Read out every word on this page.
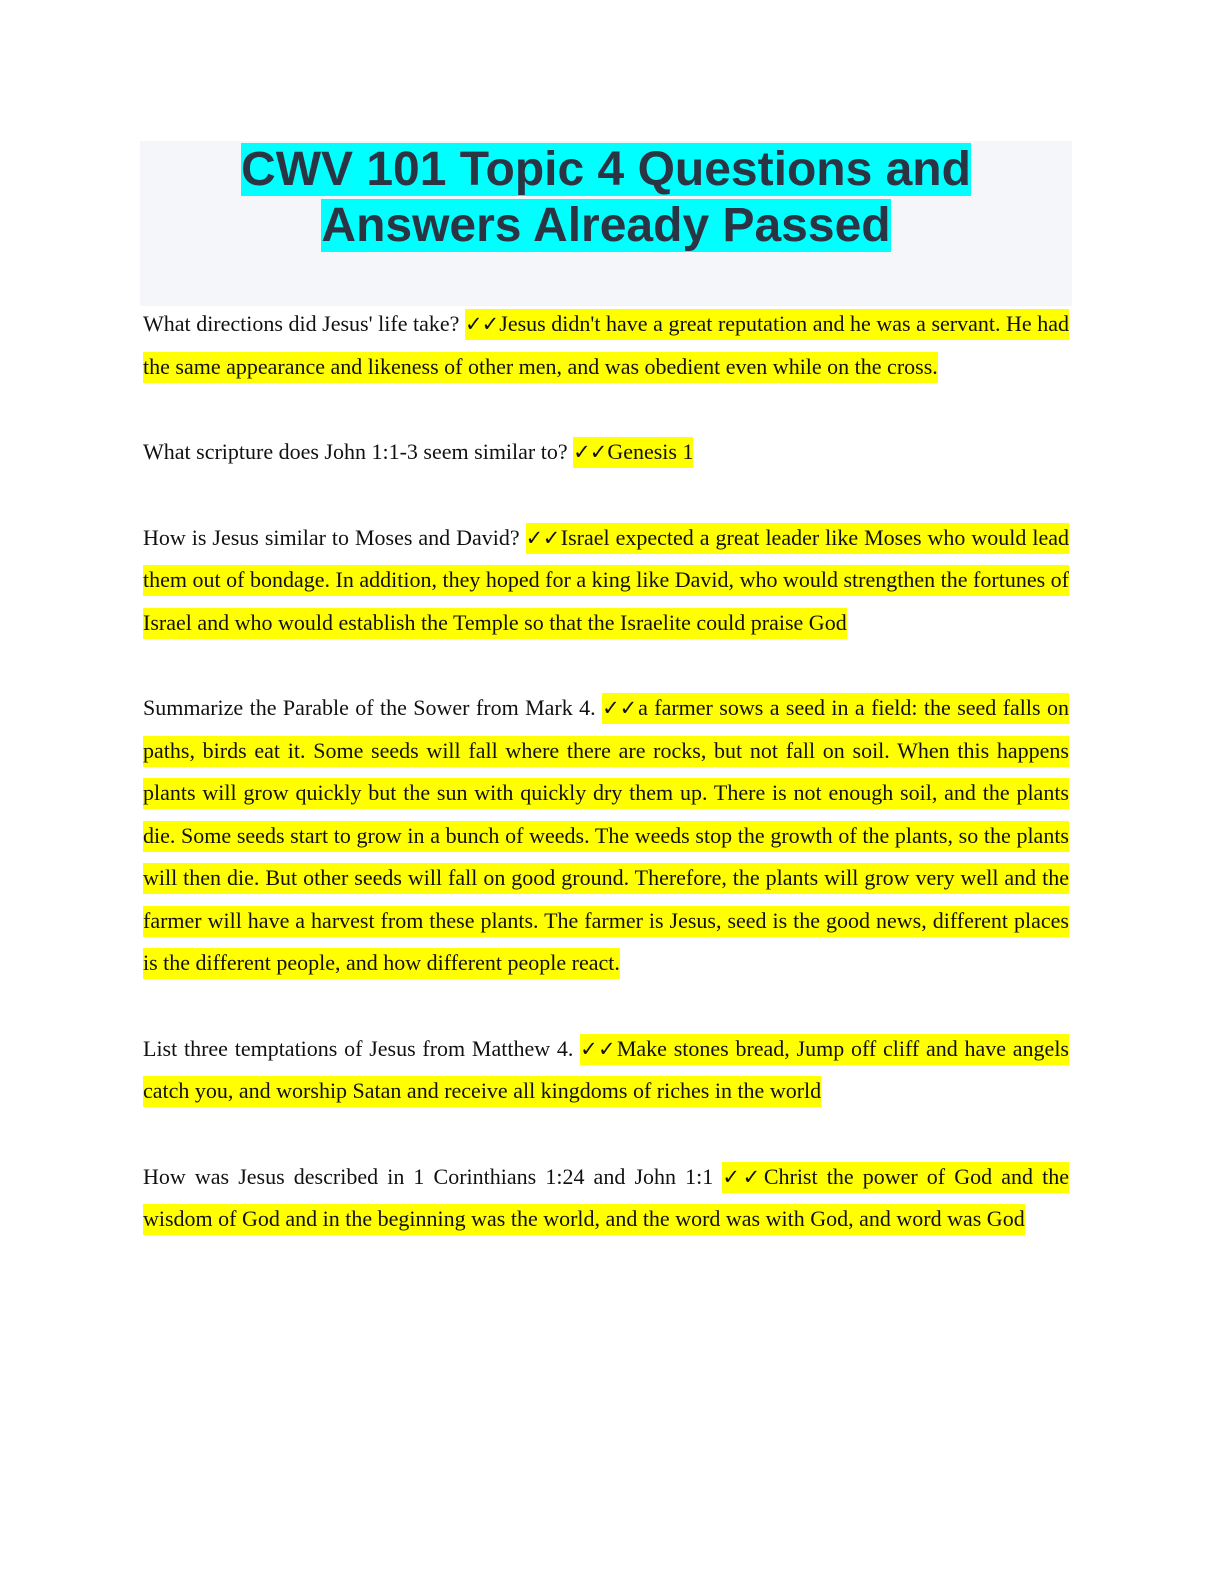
CWV 101 Topic 4 Questions and
Answers Already Passed

What directions did Jesus' life take? ✓✓Jesus didn't have a great reputation and he was a servant. He had the same appearance and likeness of other men, and was obedient even while on the cross.

What scripture does John 1:1-3 seem similar to? ✓✓Genesis 1

How is Jesus similar to Moses and David? ✓✓Israel expected a great leader like Moses who would lead them out of bondage. In addition, they hoped for a king like David, who would strengthen the fortunes of Israel and who would establish the Temple so that the Israelite could praise God

Summarize the Parable of the Sower from Mark 4. ✓✓a farmer sows a seed in a field: the seed falls on paths, birds eat it. Some seeds will fall where there are rocks, but not fall on soil. When this happens plants will grow quickly but the sun with quickly dry them up. There is not enough soil, and the plants die. Some seeds start to grow in a bunch of weeds. The weeds stop the growth of the plants, so the plants will then die. But other seeds will fall on good ground. Therefore, the plants will grow very well and the farmer will have a harvest from these plants. The farmer is Jesus, seed is the good news, different places is the different people, and how different people react.

List three temptations of Jesus from Matthew 4. ✓✓Make stones bread, Jump off cliff and have angels catch you, and worship Satan and receive all kingdoms of riches in the world

How was Jesus described in 1 Corinthians 1:24 and John 1:1 ✓✓Christ the power of God and the wisdom of God and in the beginning was the world, and the word was with God, and word was God
